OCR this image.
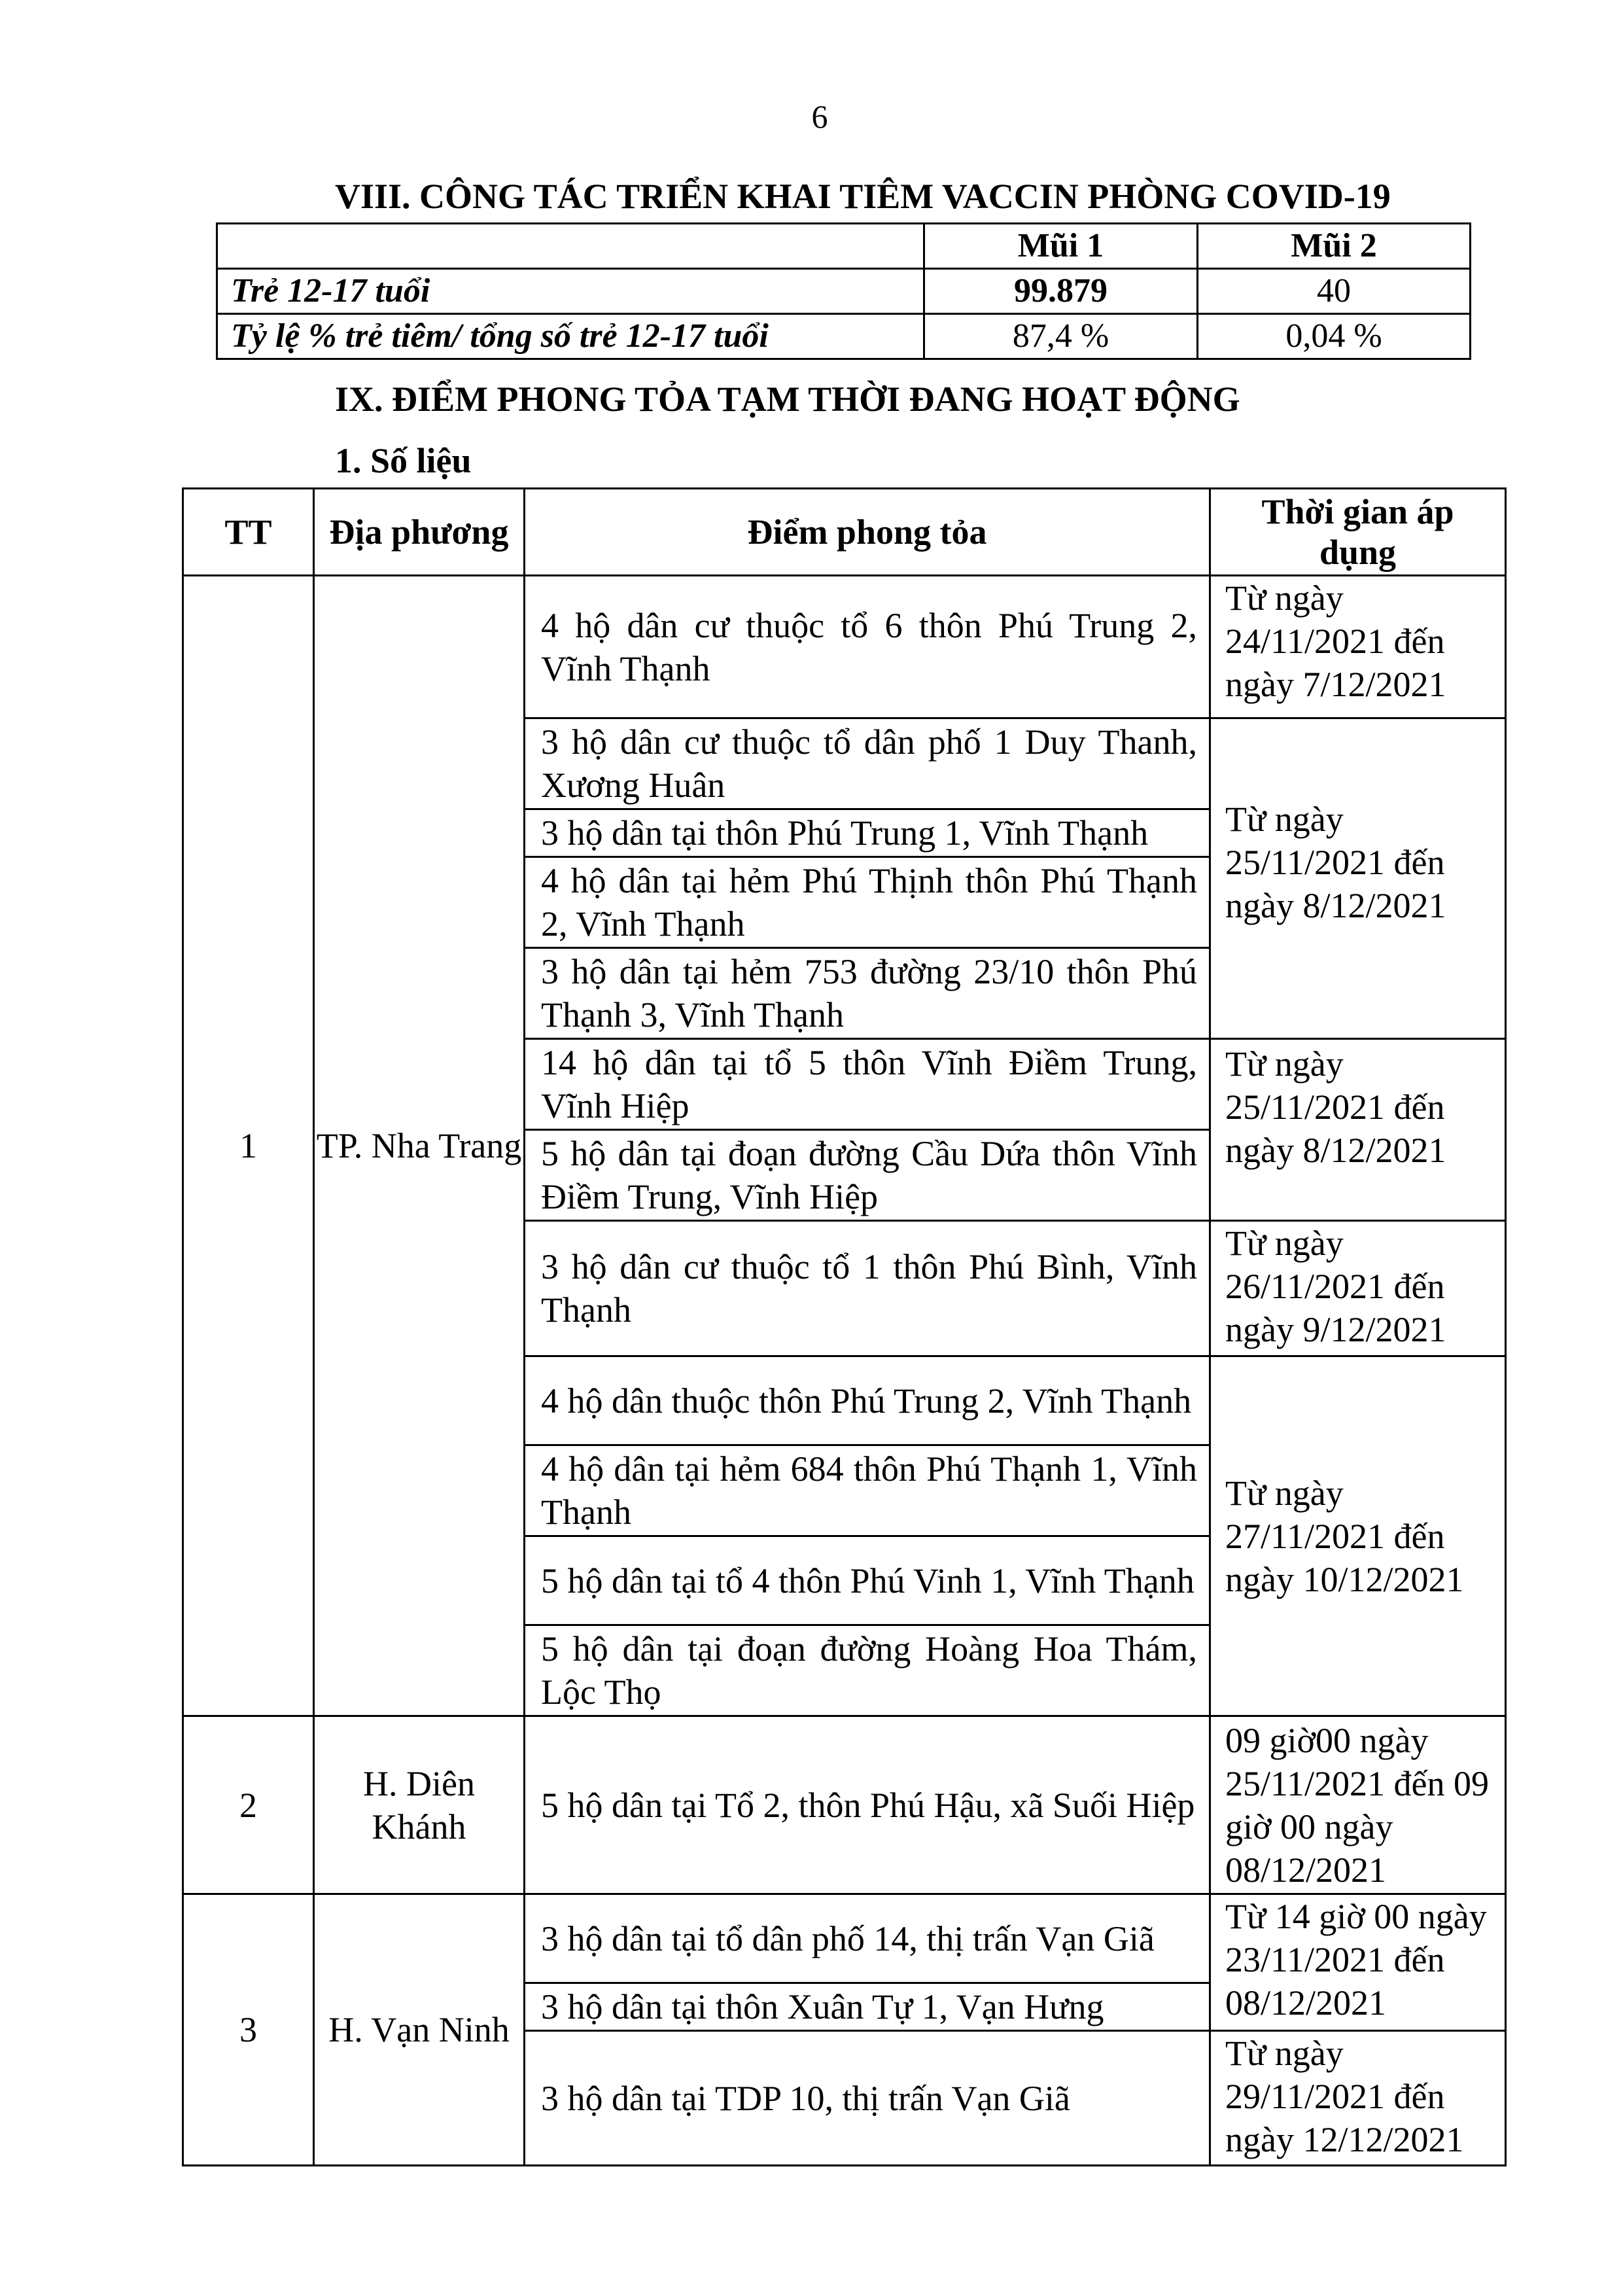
6
VIII. CÔNG TÁC TRIỂN KHAI TIÊM VACCIN PHÒNG COVID-19
	Mũi 1	Mũi 2
Trẻ 12-17 tuổi	99.879	40
Tỷ lệ % trẻ tiêm/ tổng số trẻ 12-17 tuổi	87,4 %	0,04 %
IX. ĐIỂM PHONG TỎA TẠM THỜI ĐANG HOẠT ĐỘNG
1. Số liệu
TT	Địa phương	Điểm phong tỏa	Thời gian áp dụng
1	TP. Nha Trang	4 hộ dân cư thuộc tổ 6 thôn Phú Trung 2, Vĩnh Thạnh	Từ ngày 24/11/2021 đến ngày 7/12/2021
		3 hộ dân cư thuộc tổ dân phố 1 Duy Thanh, Xương Huân	Từ ngày 25/11/2021 đến ngày 8/12/2021
		3 hộ dân tại thôn Phú Trung 1, Vĩnh Thạnh	
		4 hộ dân tại hẻm Phú Thịnh thôn Phú Thạnh 2, Vĩnh Thạnh	
		3 hộ dân tại hẻm 753 đường 23/10 thôn Phú Thạnh 3, Vĩnh Thạnh	
		14 hộ dân tại tổ 5 thôn Vĩnh Điềm Trung, Vĩnh Hiệp	Từ ngày 25/11/2021 đến ngày 8/12/2021
		5 hộ dân tại đoạn đường Cầu Dứa thôn Vĩnh Điềm Trung, Vĩnh Hiệp	
		3 hộ dân cư thuộc tổ 1 thôn Phú Bình, Vĩnh Thạnh	Từ ngày 26/11/2021 đến ngày 9/12/2021
		4 hộ dân thuộc thôn Phú Trung 2, Vĩnh Thạnh	Từ ngày 27/11/2021 đến ngày 10/12/2021
		4 hộ dân tại hẻm 684 thôn Phú Thạnh 1, Vĩnh Thạnh	
		5 hộ dân tại tổ 4 thôn Phú Vinh 1, Vĩnh Thạnh	
		5 hộ dân tại đoạn đường Hoàng Hoa Thám, Lộc Thọ	
2	H. Diên Khánh	5 hộ dân tại Tổ 2, thôn Phú Hậu, xã Suối Hiệp	09 giờ00 ngày 25/11/2021 đến 09 giờ 00 ngày 08/12/2021
3	H. Vạn Ninh	3 hộ dân tại tổ dân phố 14, thị trấn Vạn Giã	Từ 14 giờ 00 ngày 23/11/2021 đến 08/12/2021
		3 hộ dân tại thôn Xuân Tự 1, Vạn Hưng	
		3 hộ dân tại TDP 10, thị trấn Vạn Giã	Từ ngày 29/11/2021 đến ngày 12/12/2021
